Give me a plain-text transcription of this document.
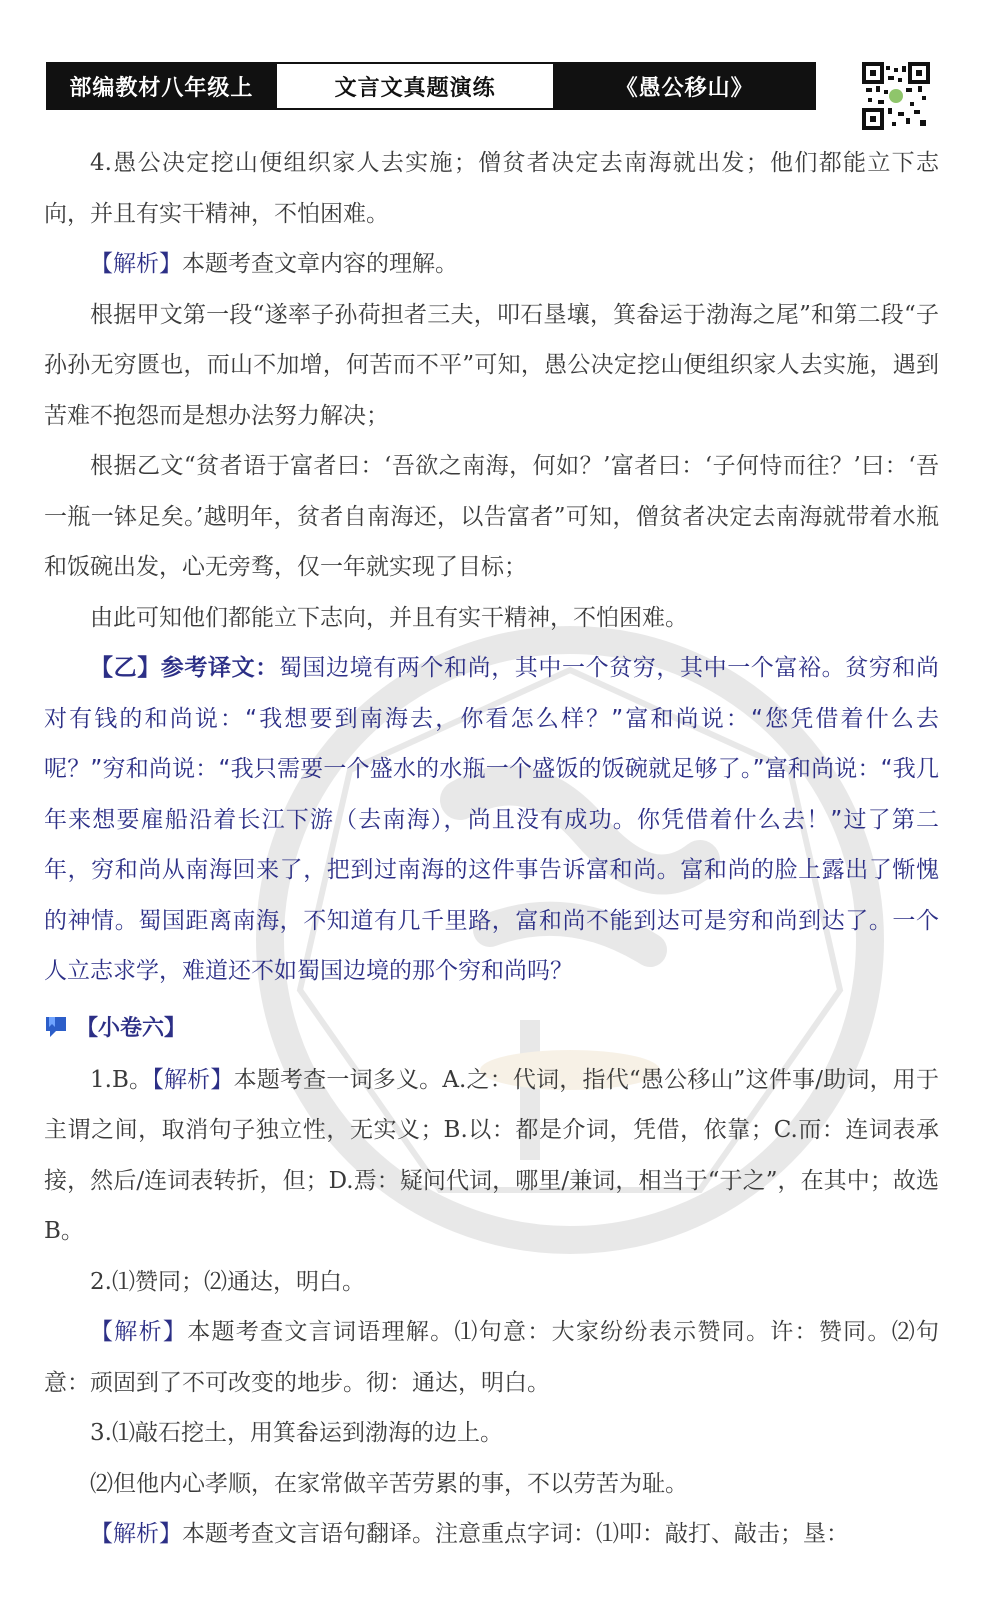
部编教材八年级上	文言文真题演练	《愚公移山》

4.愚公决定挖山便组织家人去实施；僧贫者决定去南海就出发；他们都能立下志向，并且有实干精神，不怕困难。

【解析】本题考查文章内容的理解。

根据甲文第一段“遂率子孙荷担者三夫，叩石垦壤，箕畚运于渤海之尾”和第二段“子孙孙无穷匮也，而山不加增，何苦而不平”可知，愚公决定挖山便组织家人去实施，遇到苦难不抱怨而是想办法努力解决；

根据乙文“贫者语于富者曰：‘吾欲之南海，何如？’富者曰：‘子何恃而往？’曰：‘吾一瓶一钵足矣。’越明年，贫者自南海还，以告富者”可知，僧贫者决定去南海就带着水瓶和饭碗出发，心无旁骛，仅一年就实现了目标；

由此可知他们都能立下志向，并且有实干精神，不怕困难。

【乙】参考译文：蜀国边境有两个和尚，其中一个贫穷，其中一个富裕。贫穷和尚对有钱的和尚说：“我想要到南海去，你看怎么样？”富和尚说：“您凭借着什么去呢？”穷和尚说：“我只需要一个盛水的水瓶一个盛饭的饭碗就足够了。”富和尚说：“我几年来想要雇船沿着长江下游（去南海），尚且没有成功。你凭借着什么去！”过了第二年，穷和尚从南海回来了，把到过南海的这件事告诉富和尚。富和尚的脸上露出了惭愧的神情。蜀国距离南海，不知道有几千里路，富和尚不能到达可是穷和尚到达了。一个人立志求学，难道还不如蜀国边境的那个穷和尚吗？

【小卷六】

1.B。【解析】本题考查一词多义。A.之：代词，指代“愚公移山”这件事/助词，用于主谓之间，取消句子独立性，无实义；B.以：都是介词，凭借，依靠；C.而：连词表承接，然后/连词表转折，但；D.焉：疑问代词，哪里/兼词，相当于“于之”，在其中；故选B。

2.⑴赞同；⑵通达，明白。

【解析】本题考查文言词语理解。⑴句意：大家纷纷表示赞同。许：赞同。⑵句意：顽固到了不可改变的地步。彻：通达，明白。

3.⑴敲石挖土，用箕畚运到渤海的边上。

⑵但他内心孝顺，在家常做辛苦劳累的事，不以劳苦为耻。

【解析】本题考查文言语句翻译。注意重点字词：⑴叩：敲打、敲击；垦：
